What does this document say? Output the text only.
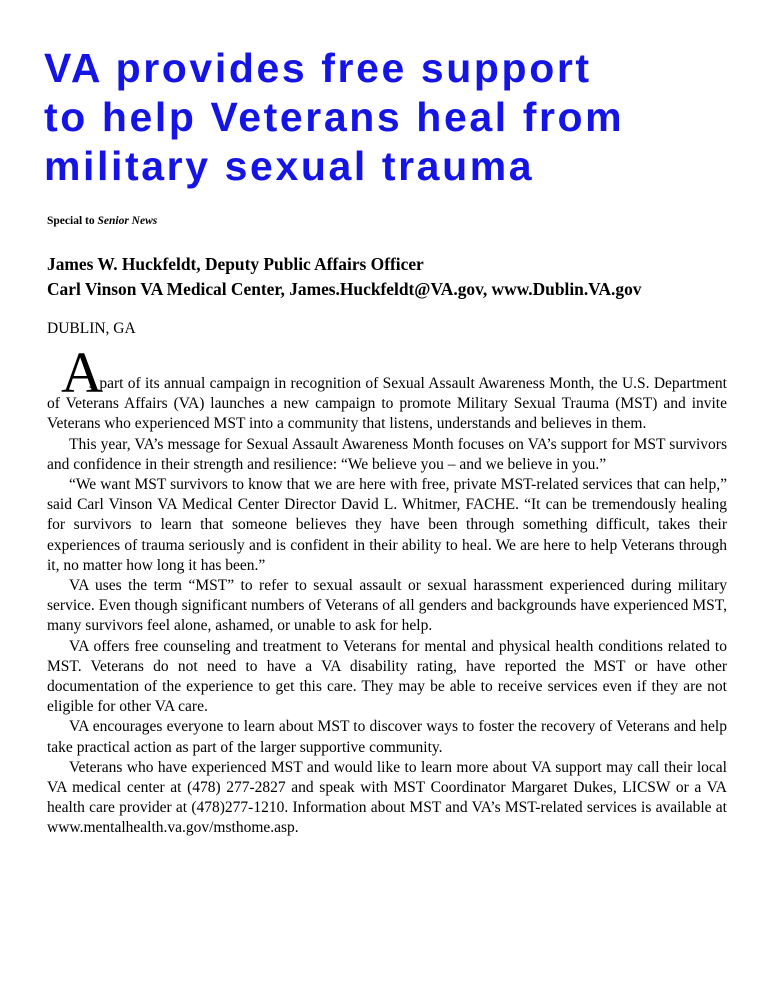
VA provides free support
to help Veterans heal from
military sexual trauma
Special to Senior News
James W. Huckfeldt, Deputy Public Affairs Officer
Carl Vinson VA Medical Center, James.Huckfeldt@VA.gov, www.Dublin.VA.gov
DUBLIN, GA

A
s part of its annual campaign in recognition of Sexual Assault Awareness Month, the U.S. Department of Veterans Affairs (VA) launches a new campaign to promote Military Sexual Trauma (MST) and invite Veterans who experienced MST into a community that listens, understands and believes in them.

This year, VA’s message for Sexual Assault Awareness Month focuses on VA’s support for MST survivors and confidence in their strength and resilience: “We believe you – and we believe in you.”

“We want MST survivors to know that we are here with free, private MST-related services that can help,” said Carl Vinson VA Medical Center Director David L. Whitmer, FACHE. “It can be tremendously healing for survivors to learn that someone believes they have been through something difficult, takes their experiences of trauma seriously and is confident in their ability to heal. We are here to help Veterans through it, no matter how long it has been.”

VA uses the term “MST” to refer to sexual assault or sexual harassment experienced during military service. Even though significant numbers of Veterans of all genders and backgrounds have experienced MST, many survivors feel alone, ashamed, or unable to ask for help.

VA offers free counseling and treatment to Veterans for mental and physical health conditions related to MST. Veterans do not need to have a VA disability rating, have reported the MST or have other documentation of the experience to get this care. They may be able to receive services even if they are not eligible for other VA care.

VA encourages everyone to learn about MST to discover ways to foster the recovery of Veterans and help take practical action as part of the larger supportive community.

Veterans who have experienced MST and would like to learn more about VA support may call their local VA medical center at (478) 277-2827 and speak with MST Coordinator Margaret Dukes, LICSW or a VA health care provider at (478)277-1210. Information about MST and VA’s MST-related services is available at www.mentalhealth.va.gov/msthome.asp.
